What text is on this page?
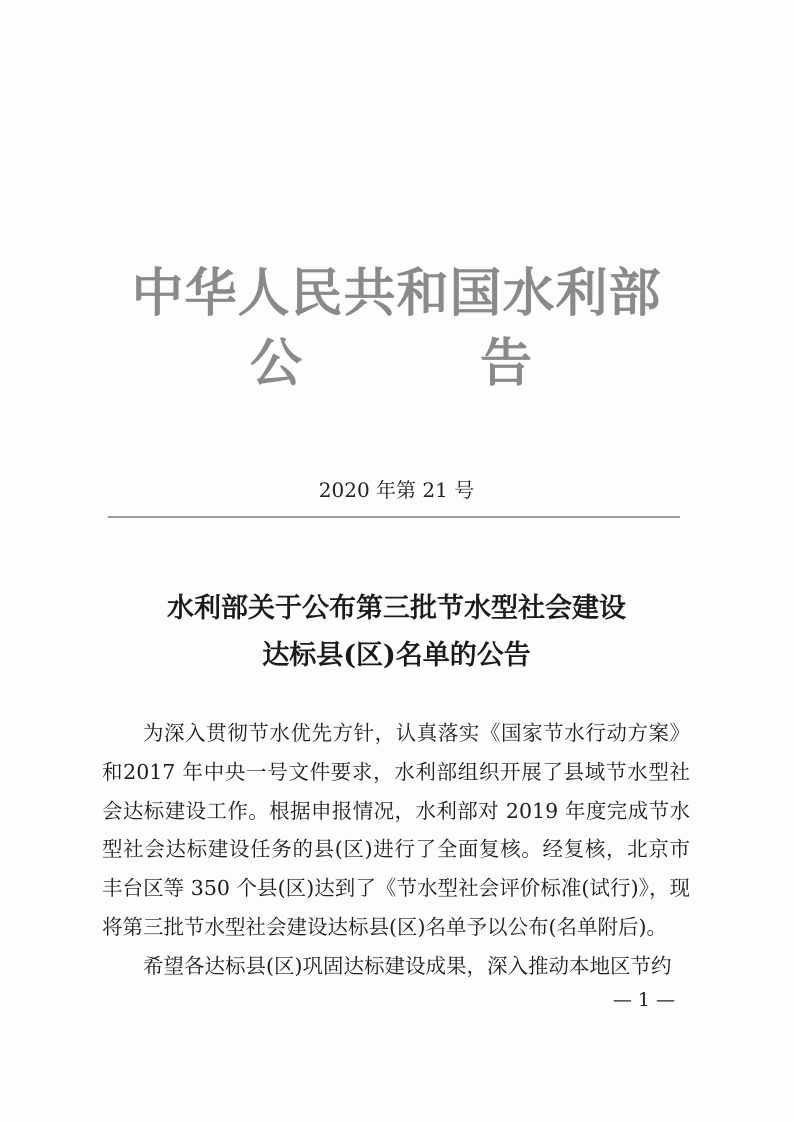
中华人民共和国水利部
公	告
2020 年第 21 号
水利部关于公布第三批节水型社会建设
达标县(区)名单的公告

为深入贯彻节水优先方针，认真落实《国家节水行动方案》和2017 年中央一号文件要求，水利部组织开展了县域节水型社会达标建设工作。根据申报情况，水利部对 2019 年度完成节水型社会达标建设任务的县(区)进行了全面复核。经复核，北京市丰台区等 350 个县(区)达到了《节水型社会评价标准(试行)》，现将第三批节水型社会建设达标县(区)名单予以公布(名单附后)。

希望各达标县(区)巩固达标建设成果，深入推动本地区节约

— 1 —
